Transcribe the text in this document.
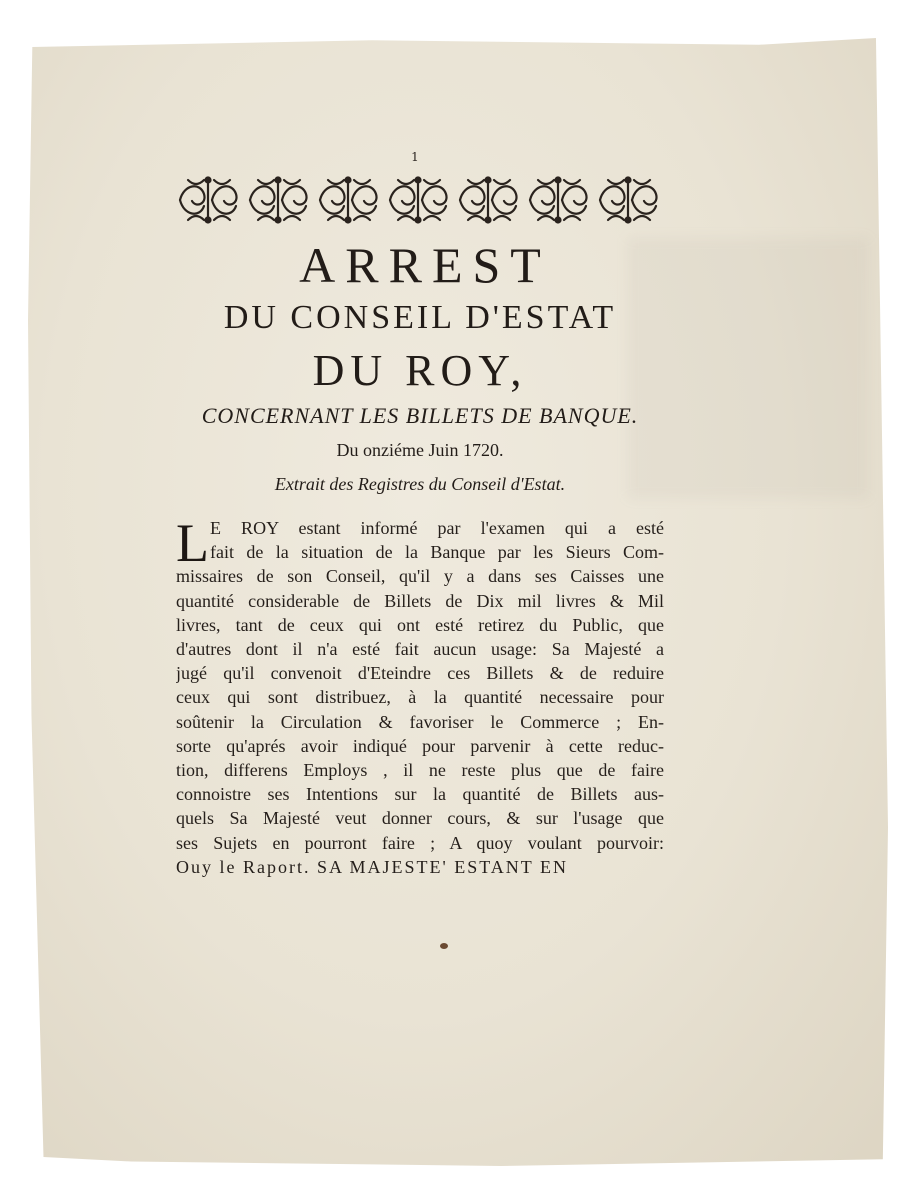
1
ARREST
DU CONSEIL D'ESTAT
DU ROY,
CONCERNANT LES BILLETS DE BANQUE.
Du onziéme Juin 1720.
Extrait des Registres du Conseil d'Estat.
L E ROY estant informé par l'examen qui a esté
fait de la situation de la Banque par les Sieurs Com-
missaires de son Conseil, qu'il y a dans ses Caisses une
quantité considerable de Billets de Dix mil livres & Mil
livres, tant de ceux qui ont esté retirez du Public, que
d'autres dont il n'a esté fait aucun usage: Sa Majesté a
jugé qu'il convenoit d'Eteindre ces Billets & de reduire
ceux qui sont distribuez, à la quantité necessaire pour
soûtenir la Circulation & favoriser le Commerce ; En-
sorte qu'aprés avoir indiqué pour parvenir à cette reduc-
tion, differens Employs , il ne reste plus que de faire
connoistre ses Intentions sur la quantité de Billets aus-
quels Sa Majesté veut donner cours, & sur l'usage que
ses Sujets en pourront faire ; A quoy voulant pourvoir:
Ouy le Raport. SA MAJESTE' ESTANT EN
